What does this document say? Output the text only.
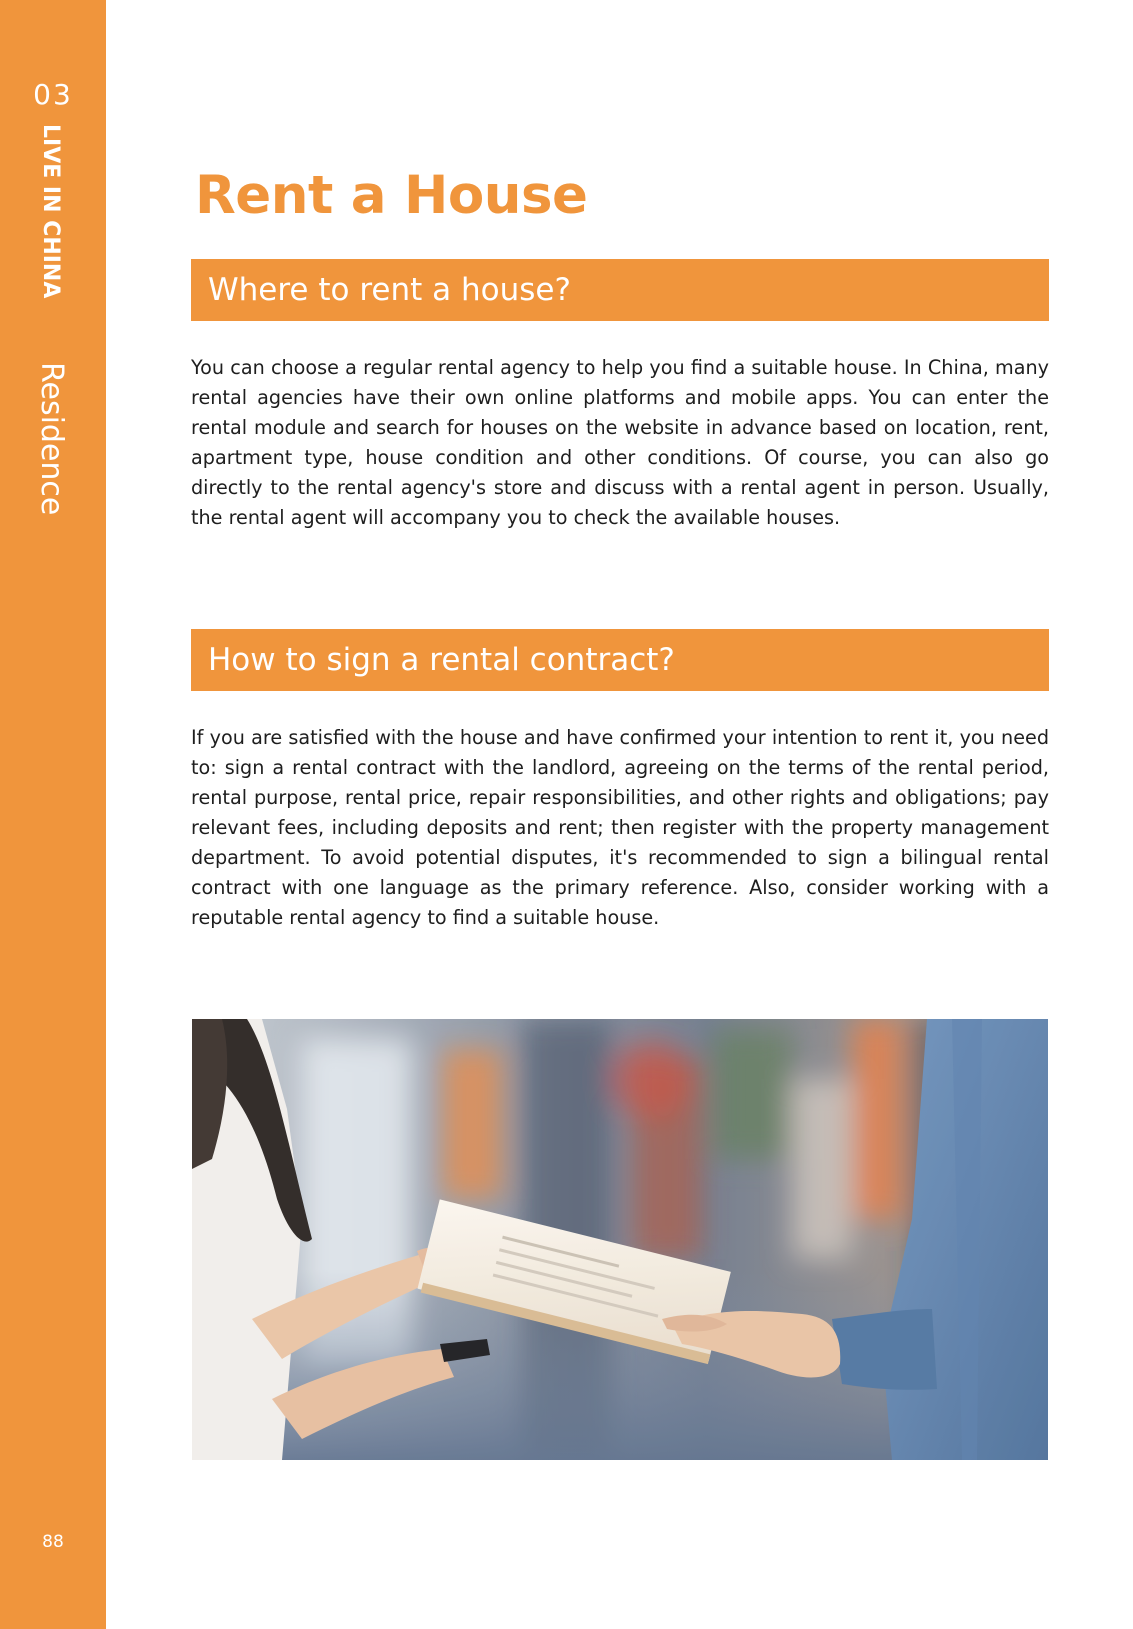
03
LIVE IN CHINA
Residence
88
Rent a House
Where to rent a house?

You can choose a regular rental agency to help you find a suitable house. In China, many rental agencies have their own online platforms and mobile apps. You can enter the rental module and search for houses on the website in advance based on location, rent, apartment type, house condition and other conditions. Of course, you can also go directly to the rental agency's store and discuss with a rental agent in person. Usually, the rental agent will accompany you to check the available houses.

How to sign a rental contract?

If you are satisfied with the house and have confirmed your intention to rent it, you need to: sign a rental contract with the landlord, agreeing on the terms of the rental period, rental purpose, rental price, repair responsibilities, and other rights and obligations; pay relevant fees, including deposits and rent; then register with the property management department. To avoid potential disputes, it's recommended to sign a bilingual rental contract with one language as the primary reference. Also, consider working with a reputable rental agency to find a suitable house.
